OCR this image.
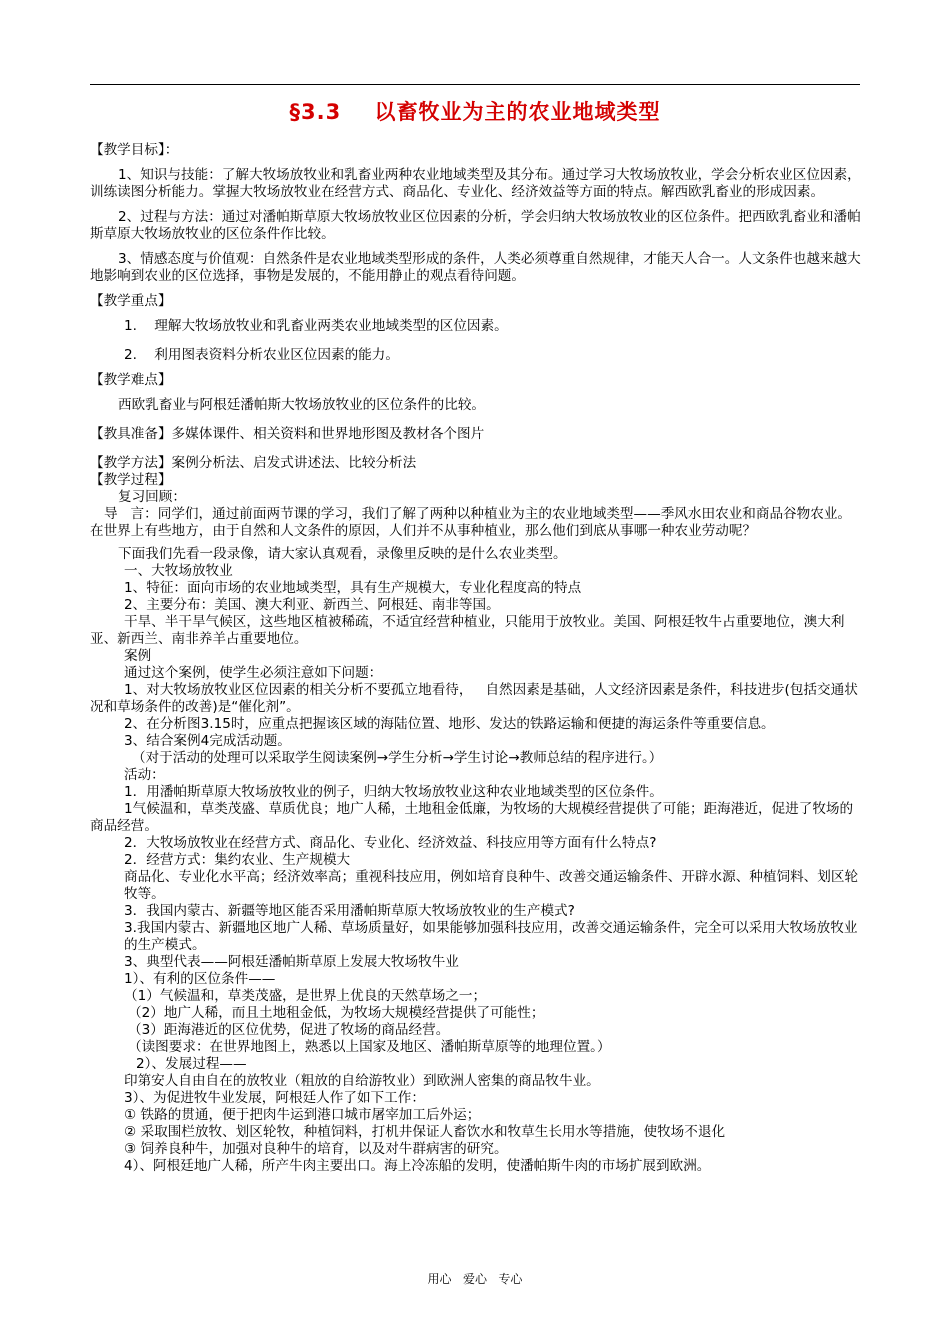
§3.3    以畜牧业为主的农业地域类型

【教学目标】：

1、知识与技能：了解大牧场放牧业和乳畜业两种农业地域类型及其分布。通过学习大牧场放牧业，学会分析农业区位因素，训练读图分析能力。掌握大牧场放牧业在经营方式、商品化、专业化、经济效益等方面的特点。解西欧乳畜业的形成因素。

2、过程与方法：通过对潘帕斯草原大牧场放牧业区位因素的分析，学会归纳大牧场放牧业的区位条件。把西欧乳畜业和潘帕斯草原大牧场放牧业的区位条件作比较。

3、情感态度与价值观：自然条件是农业地域类型形成的条件，人类必须尊重自然规律，才能天人合一。人文条件也越来越大地影响到农业的区位选择，事物是发展的，不能用静止的观点看待问题。

【教学重点】

1.    理解大牧场放牧业和乳畜业两类农业地域类型的区位因素。

2.    利用图表资料分析农业区位因素的能力。

【教学难点】

西欧乳畜业与阿根廷潘帕斯大牧场放牧业的区位条件的比较。

【教具准备】多媒体课件、相关资料和世界地形图及教材各个图片

【教学方法】案例分析法、启发式讲述法、比较分析法

【教学过程】

复习回顾：

导   言：同学们，通过前面两节课的学习，我们了解了两种以种植业为主的农业地域类型——季风水田农业和商品谷物农业。在世界上有些地方，由于自然和人文条件的原因，人们并不从事种植业，那么他们到底从事哪一种农业劳动呢？

下面我们先看一段录像，请大家认真观看，录像里反映的是什么农业类型。

一、大牧场放牧业

1、特征：面向市场的农业地域类型，具有生产规模大，专业化程度高的特点

2、主要分布：美国、澳大利亚、新西兰、阿根廷、南非等国。

干旱、半干旱气候区，这些地区植被稀疏，不适宜经营种植业，只能用于放牧业。美国、阿根廷牧牛占重要地位，澳大利亚、新西兰、南非养羊占重要地位。

案例

通过这个案例，使学生必须注意如下问题：

1、对大牧场放牧业区位因素的相关分析不要孤立地看待，   自然因素是基础，人文经济因素是条件，科技进步(包括交通状况和草场条件的改善)是“催化剂”。

2、在分析图3.15时，应重点把握该区域的海陆位置、地形、发达的铁路运输和便捷的海运条件等重要信息。

3、结合案例4完成活动题。

（对于活动的处理可以采取学生阅读案例→学生分析→学生讨论→教师总结的程序进行。）

活动：

1．用潘帕斯草原大牧场放牧业的例子，归纳大牧场放牧业这种农业地域类型的区位条件。

1气候温和，草类茂盛、草质优良；地广人稀，土地租金低廉，为牧场的大规模经营提供了可能；距海港近，促进了牧场的商品经营。

2．大牧场放牧业在经营方式、商品化、专业化、经济效益、科技应用等方面有什么特点?

2．经营方式：集约农业、生产规模大

商品化、专业化水平高；经济效率高；重视科技应用，例如培育良种牛、改善交通运输条件、开辟水源、种植饲料、划区轮牧等。

3．我国内蒙古、新疆等地区能否采用潘帕斯草原大牧场放牧业的生产模式?

3.我国内蒙古、新疆地区地广人稀、草场质量好，如果能够加强科技应用，改善交通运输条件，完全可以采用大牧场放牧业的生产模式。

3、典型代表——阿根廷潘帕斯草原上发展大牧场牧牛业

1）、有利的区位条件——

（1）气候温和，草类茂盛，是世界上优良的天然草场之一；

（2）地广人稀，而且土地租金低，为牧场大规模经营提供了可能性；

（3）距海港近的区位优势，促进了牧场的商品经营。

（读图要求：在世界地图上，熟悉以上国家及地区、潘帕斯草原等的地理位置。）

2）、发展过程——

印第安人自由自在的放牧业（粗放的自给游牧业）到欧洲人密集的商品牧牛业。

3）、为促进牧牛业发展，阿根廷人作了如下工作：

① 铁路的贯通，便于把肉牛运到港口城市屠宰加工后外运；

② 采取围栏放牧、划区轮牧，种植饲料，打机井保证人畜饮水和牧草生长用水等措施，使牧场不退化

③ 饲养良种牛，加强对良种牛的培育，以及对牛群病害的研究。

4）、阿根廷地广人稀，所产牛肉主要出口。海上冷冻船的发明，使潘帕斯牛肉的市场扩展到欧洲。

用心   爱心   专心
